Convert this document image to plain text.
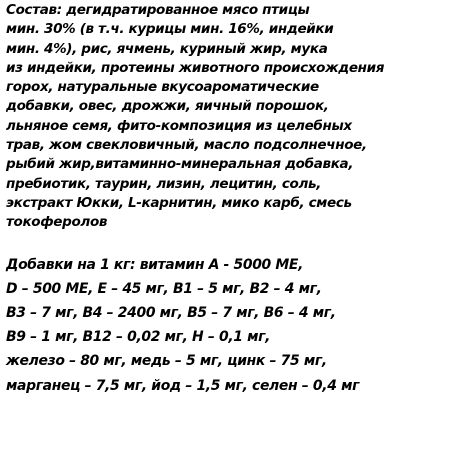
Состав: дегидратированное мясо птицы
мин. 30% (в т.ч. курицы мин. 16%, индейки
мин. 4%), рис, ячмень, куриный жир, мука
из индейки, протеины животного происхождения
горох, натуральные вкусоароматические
добавки, овес, дрожжи, яичный порошок,
льняное семя, фито-композиция из целебных
трав, жом свекловичный, масло подсолнечное,
рыбий жир,витаминно-минеральная добавка,
пребиотик, таурин, лизин, лецитин, соль,
экстракт Юкки, L-карнитин, мико карб, смесь
токоферолов
Добавки на 1 кг: витамин А - 5000 МЕ,
D – 500 МЕ, Е – 45 мг, В1 – 5 мг, В2 – 4 мг,
В3 – 7 мг, В4 – 2400 мг, В5 – 7 мг, В6 – 4 мг,
В9 – 1 мг, В12 – 0,02 мг, Н – 0,1 мг,
железо – 80 мг, медь – 5 мг, цинк – 75 мг,
марганец – 7,5 мг, йод – 1,5 мг, селен – 0,4 мг
